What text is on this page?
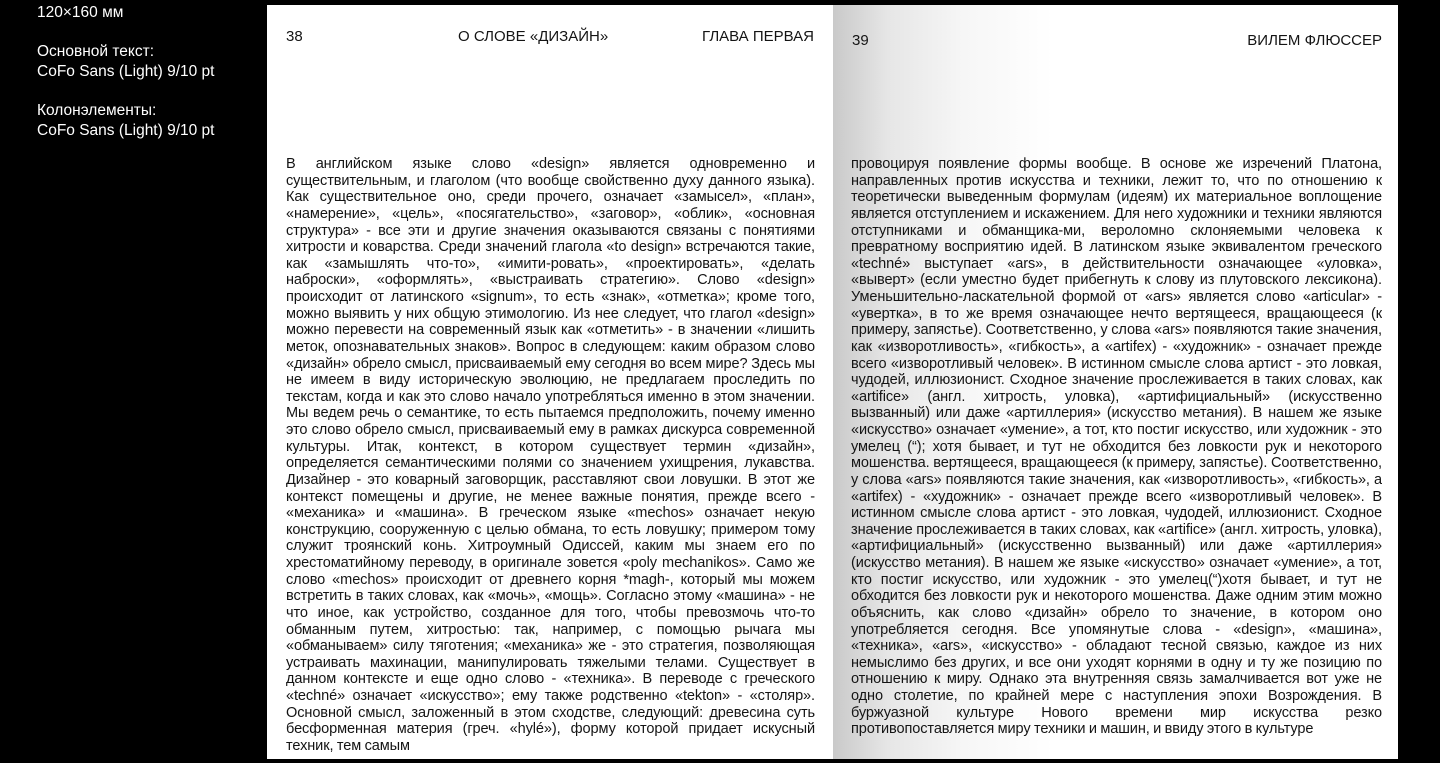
120×160 мм
Основной текст:
CoFo Sans (Light) 9/10 pt
Колонэлементы:
CoFo Sans (Light) 9/10 pt
38	О СЛОВЕ «ДИЗАЙН»	ГЛАВА ПЕРВАЯ

В английском языке слово «design» является одновременно и существительным, и глаголом (что вообще свойственно духу данного языка). Как существительное оно, среди прочего, означает «замысел», «план», «намерение», «цель», «посягательство», «заговор», «облик», «основная структура» - все эти и другие значения оказываются связаны с понятиями хитрости и коварства. Среди значений глагола «to design» встречаются такие, как «замышлять что-то», «имити-ровать», «проектировать», «делать наброски», «оформлять», «выстраивать стратегию». Слово «design» происходит от латинского «signum», то есть «знак», «отметка»; кроме того, можно выявить у них общую этимологию. Из нее следует, что глагол «design» можно перевести на современный язык как «отметить» - в значении «лишить меток, опознавательных знаков». Вопрос в следующем: каким образом слово «дизайн» обрело смысл, присваиваемый ему сегодня во всем мире? Здесь мы не имеем в виду историческую эволюцию, не предлагаем проследить по текстам, когда и как это слово начало употребляться именно в этом значении. Мы ведем речь о семантике, то есть пытаемся предположить, почему именно это слово обрело смысл, присваиваемый ему в рамках дискурса современной культуры. Итак, контекст, в котором существует термин «дизайн», определяется семантическими полями со значением ухищрения, лукавства. Дизайнер - это коварный заговорщик, расставляют свои ловушки. В этот же контекст помещены и другие, не менее важные понятия, прежде всего - «механика» и «машина». В греческом языке «mechos» означает некую конструкцию, сооруженную с целью обмана, то есть ловушку; примером тому служит троянский конь. Хитроумный Одиссей, каким мы знаем его по хрестоматийному переводу, в оригинале зовется «poly mechanikos». Само же слово «mechos» происходит от древнего корня *magh-, который мы можем встретить в таких словах, как «мочь», «мощь». Согласно этому «машина» - не что иное, как устройство, созданное для того, чтобы превозмочь что-то обманным путем, хитростью: так, например, с помощью рычага мы «обманываем» силу тяготения; «механика» же - это стратегия, позволяющая устраивать махинации, манипулировать тяжелыми телами. Существует в данном контексте и еще одно слово - «техника». В переводе с греческого «techné» означает «искусство»; ему также родственно «tekton» - «столяр». Основной смысл, заложенный в этом сходстве, следующий: древесина суть бесформенная материя (греч. «hylé»), форму которой придает искусный техник, тем самым

39	ВИЛЕМ ФЛЮССЕР

провоцируя появление формы вообще. В основе же изречений Платона, направленных против искусства и техники, лежит то, что по отношению к теоретически выведенным формулам (идеям) их материальное воплощение является отступлением и искажением. Для него художники и техники являются отступниками и обманщика-ми, вероломно склоняемыми человека к превратному восприятию идей. В латинском языке эквивалентом греческого «techné» выступает «ars», в действительности означающее «уловка», «выверт» (если уместно будет прибегнуть к слову из плутовского лексикона). Уменьшительно-ласкательной формой от «ars» является слово «articular» - «увертка», в то же время означающее нечто вертящееся, вращающееся (к примеру, запястье). Соответственно, у слова «ars» появляются такие значения, как «изворотливость», «гибкость», а «artifex) - «художник» - означает прежде всего «изворотливый человек». В истинном смысле слова артист - это ловкая, чудодей, иллюзионист. Сходное значение прослеживается в таких словах, как «artifice» (англ. хитрость, уловка), «артифициальный» (искусственно вызванный) или даже «артиллерия» (искусство метания). В нашем же языке «искусство» означает «умение», а тот, кто постиг искусство, или художник - это умелец (“); хотя бывает, и тут не обходится без ловкости рук и некоторого мошенства. вертящееся, вращающееся (к примеру, запястье). Соответственно, у слова «ars» появляются такие значения, как «изворотливость», «гибкость», а «artifex) - «художник» - означает прежде всего «изворотливый человек». В истинном смысле слова артист - это ловкая, чудодей, иллюзионист. Сходное значение прослеживается в таких словах, как «artifice» (англ. хитрость, уловка), «артифициальный» (искусственно вызванный) или даже «артиллерия» (искусство метания). В нашем же языке «искусство» означает «умение», а тот, кто постиг искусство, или художник - это умелец(“)хотя бывает, и тут не обходится без ловкости рук и некоторого мошенства. Даже одним этим можно объяснить, как слово «дизайн» обрело то значение, в котором оно употребляется сегодня. Все упомянутые слова - «design», «машина», «техника», «ars», «искусство» - обладают тесной связью, каждое из них немыслимо без других, и все они уходят корнями в одну и ту же позицию по отношению к миру. Однако эта внутренняя связь замалчивается вот уже не одно столетие, по крайней мере с наступления эпохи Возрождения. В буржуазной культуре Нового времени мир искусства резко противопоставляется миру техники и машин, и ввиду этого в культуре
